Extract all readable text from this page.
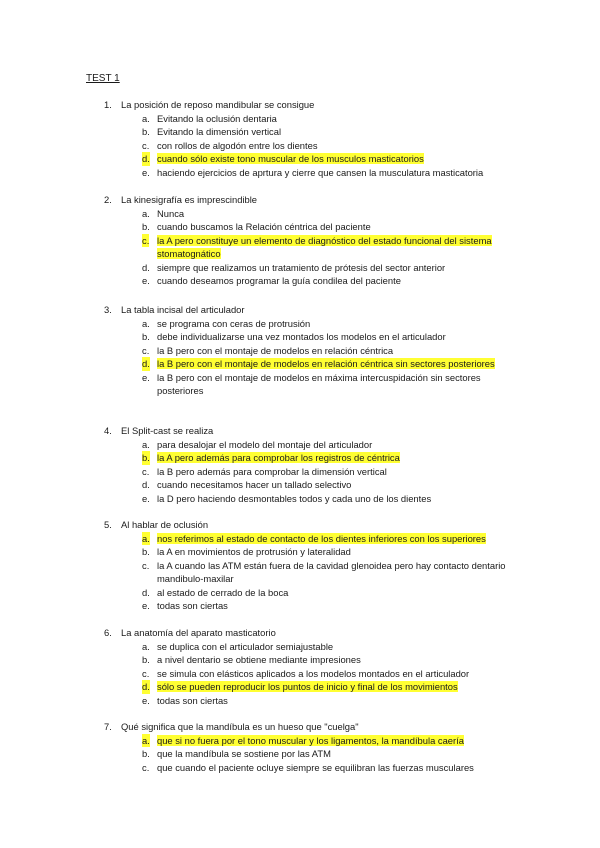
TEST 1
1. La posición de reposo mandibular se consigue
a. Evitando la oclusión dentaria
b. Evitando la dimensión vertical
c. con rollos de algodón entre los dientes
d. cuando sólo existe tono muscular de los musculos masticatorios
e. haciendo ejercicios de aprtura y cierre que cansen la musculatura masticatoria
2. La kinesigrafía es imprescindible
a. Nunca
b. cuando buscamos la Relación céntrica del paciente
c. la A pero constituye un elemento de diagnóstico del estado funcional del sistema stomatognático
d. siempre que realizamos un tratamiento de prótesis del sector anterior
e. cuando deseamos programar la guía condilea del paciente
3. La tabla incisal del articulador
a. se programa con ceras de protrusión
b. debe individualizarse una vez montados los modelos en el articulador
c. la B pero con el montaje de modelos en relación céntrica
d. la B pero con el montaje de modelos en relación céntrica sin sectores posteriores
e. la B pero con el montaje de modelos en máxima intercuspidación sin sectores posteriores
4. El Split-cast se realiza
a. para desalojar el modelo del montaje del articulador
b. la A pero además para comprobar los registros de céntrica
c. la B pero además para comprobar la dimensión vertical
d. cuando necesitamos hacer un tallado selectivo
e. la D pero haciendo desmontables todos y cada uno de los dientes
5. Al hablar de oclusión
a. nos referimos al estado de contacto de los dientes inferiores con los superiores
b. la A en movimientos de protrusión y lateralidad
c. la A cuando las ATM están fuera de la cavidad glenoidea pero hay contacto dentario mandibulo-maxilar
d. al estado de cerrado de la boca
e. todas son ciertas
6. La anatomía del aparato masticatorio
a. se duplica con el articulador semiajustable
b. a nivel dentario se obtiene mediante impresiones
c. se simula con elásticos aplicados a los modelos montados en el articulador
d. sólo se pueden reproducir los puntos de inicio y final de los movimientos
e. todas son ciertas
7. Qué significa que la mandíbula es un hueso que "cuelga"
a. que si no fuera por el tono muscular y los ligamentos, la mandíbula caería
b. que la mandíbula se sostiene por las ATM
c. que cuando el paciente ocluye siempre se equilibran las fuerzas musculares
